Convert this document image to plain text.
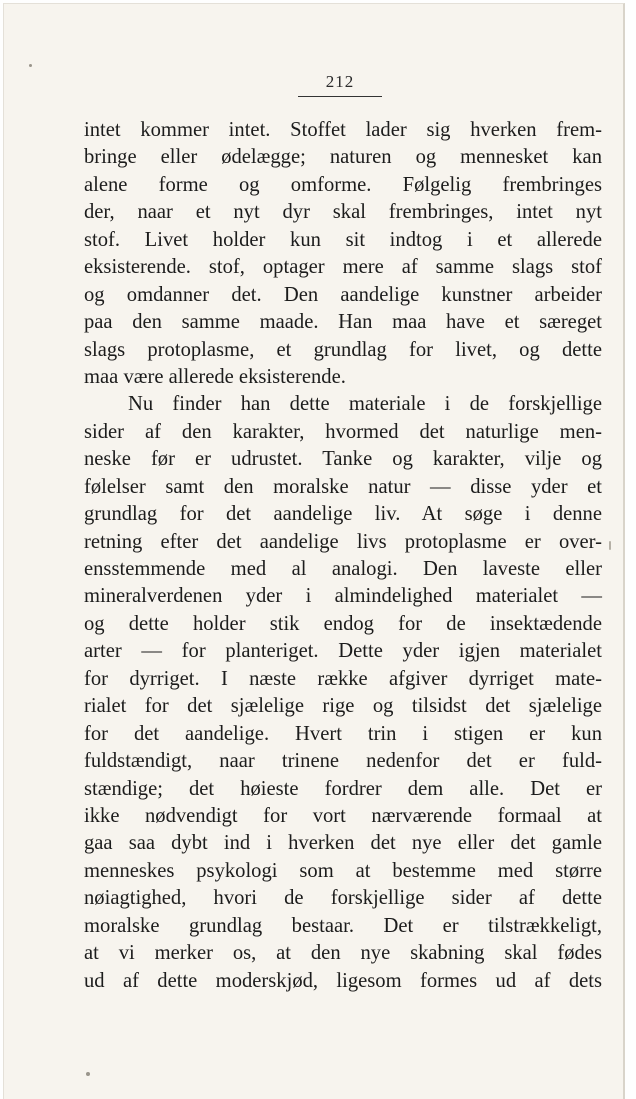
212
intet kommer intet. Stoffet lader sig hverken frem-
bringe eller ødelægge; naturen og mennesket kan
alene forme og omforme. Følgelig frembringes
der, naar et nyt dyr skal frembringes, intet nyt
stof. Livet holder kun sit indtog i et allerede
eksisterende. stof, optager mere af samme slags stof
og omdanner det. Den aandelige kunstner arbeider
paa den samme maade. Han maa have et særeget
slags protoplasme, et grundlag for livet, og dette
maa være allerede eksisterende.
Nu finder han dette materiale i de forskjellige
sider af den karakter, hvormed det naturlige men-
neske før er udrustet. Tanke og karakter, vilje og
følelser samt den moralske natur — disse yder et
grundlag for det aandelige liv. At søge i denne
retning efter det aandelige livs protoplasme er over-
ensstemmende med al analogi. Den laveste eller
mineralverdenen yder i almindelighed materialet —
og dette holder stik endog for de insektædende
arter — for planteriget. Dette yder igjen materialet
for dyrriget. I næste række afgiver dyrriget mate-
rialet for det sjælelige rige og tilsidst det sjælelige
for det aandelige. Hvert trin i stigen er kun
fuldstændigt, naar trinene nedenfor det er fuld-
stændige; det høieste fordrer dem alle. Det er
ikke nødvendigt for vort nærværende formaal at
gaa saa dybt ind i hverken det nye eller det gamle
menneskes psykologi som at bestemme med større
nøiagtighed, hvori de forskjellige sider af dette
moralske grundlag bestaar. Det er tilstrækkeligt,
at vi merker os, at den nye skabning skal fødes
ud af dette moderskjød, ligesom formes ud af dets
